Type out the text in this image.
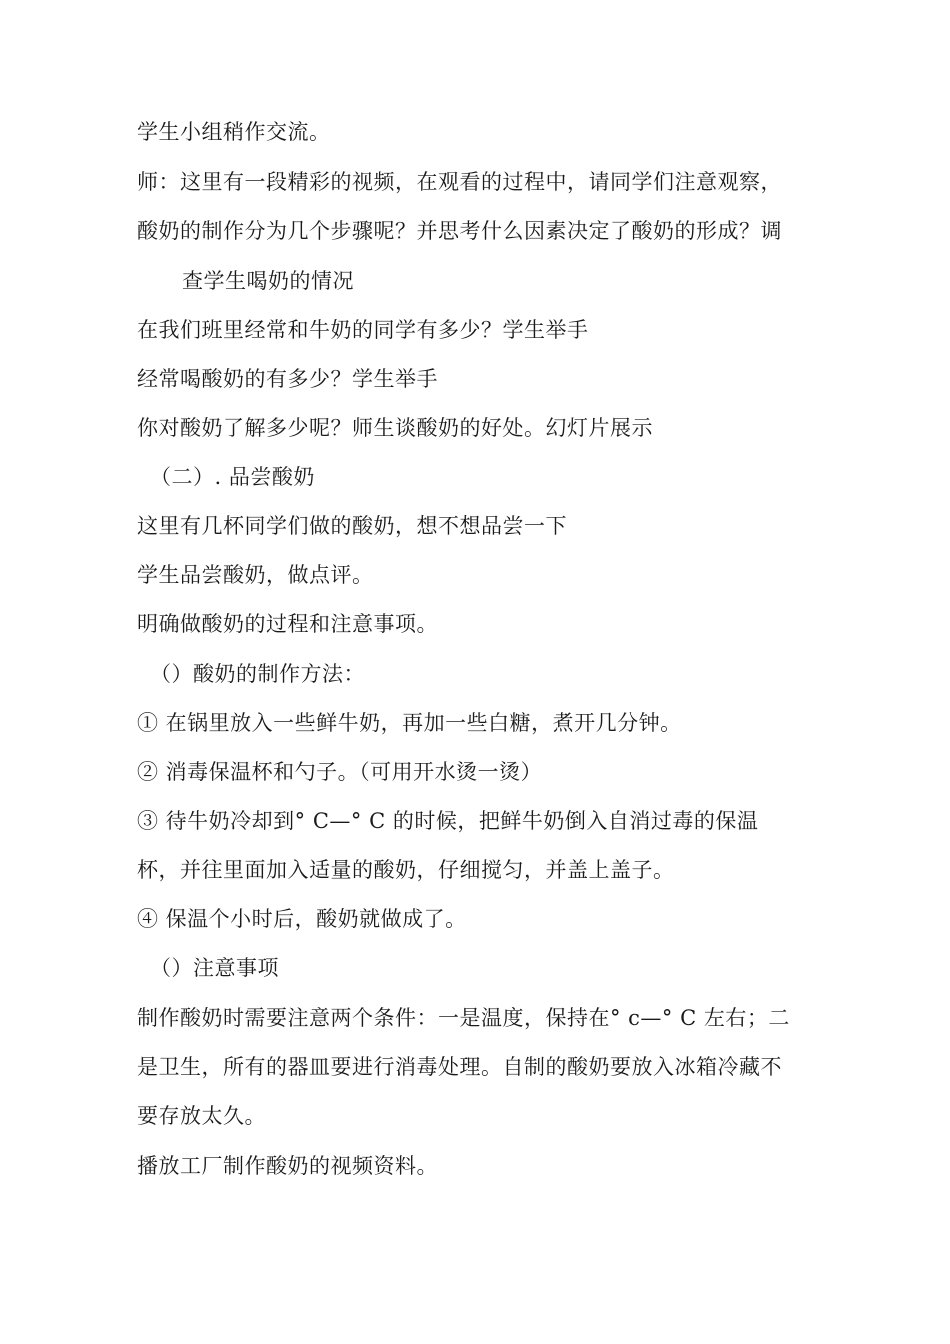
学生小组稍作交流。
师：这里有一段精彩的视频，在观看的过程中，请同学们注意观察，
酸奶的制作分为几个步骤呢？并思考什么因素决定了酸奶的形成？调
查学生喝奶的情况
在我们班里经常和牛奶的同学有多少？学生举手
经常喝酸奶的有多少？学生举手
你对酸奶了解多少呢？师生谈酸奶的好处。幻灯片展示
（二）. 品尝酸奶
这里有几杯同学们做的酸奶，想不想品尝一下
学生品尝酸奶，做点评。
明确做酸奶的过程和注意事项。
（）酸奶的制作方法：
① 在锅里放入一些鲜牛奶，再加一些白糖，煮开几分钟。
② 消毒保温杯和勺子。（可用开水烫一烫）
③ 待牛奶冷却到° C—° C 的时候，把鲜牛奶倒入自消过毒的保温
杯，并往里面加入适量的酸奶，仔细搅匀，并盖上盖子。
④ 保温个小时后，酸奶就做成了。
（）注意事项
制作酸奶时需要注意两个条件：一是温度，保持在° c—° C 左右；二
是卫生，所有的器皿要进行消毒处理。自制的酸奶要放入冰箱冷藏不
要存放太久。
播放工厂制作酸奶的视频资料。
